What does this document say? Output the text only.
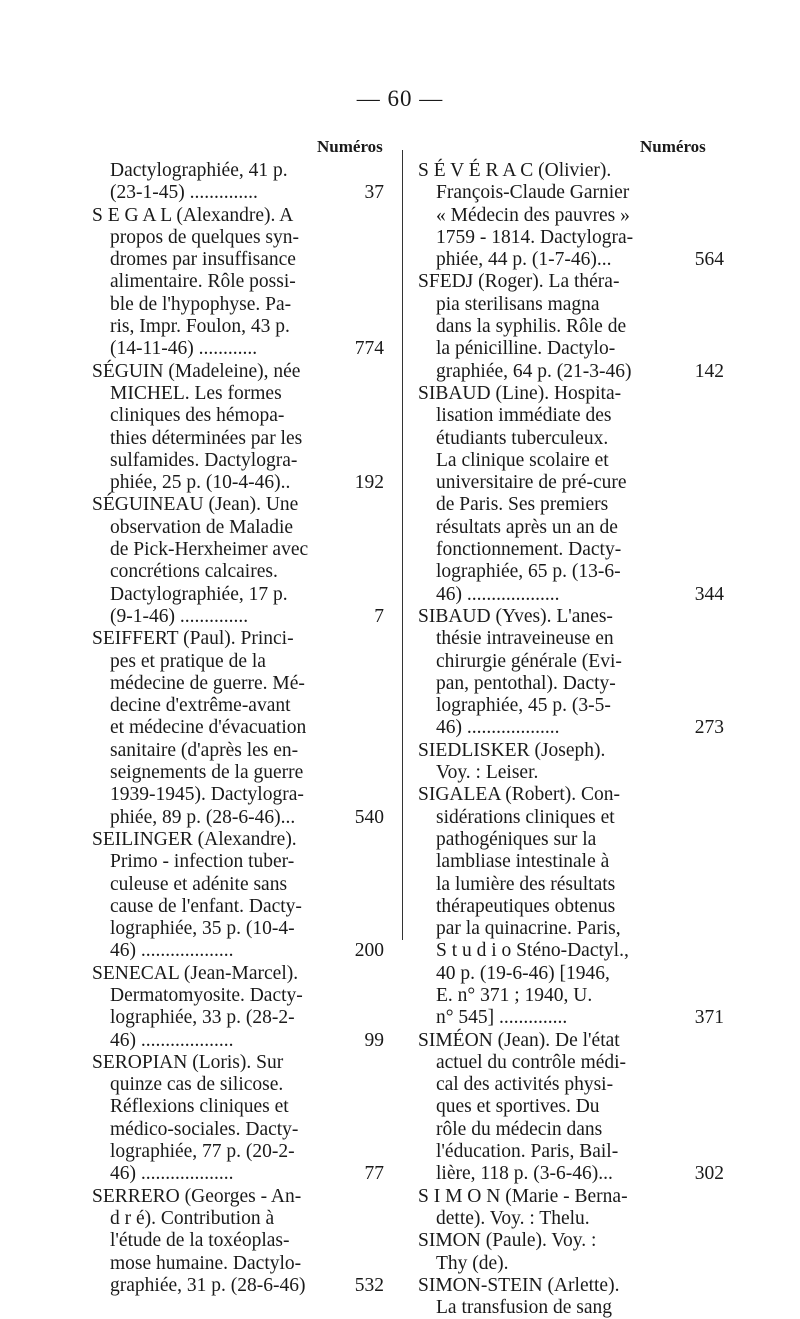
— 60 —
Numéros	Numéros
Dactylographiée, 41 p.
(23-1-45) ..............	37
S E G A L (Alexandre). A
propos de quelques syn-
dromes par insuffisance
alimentaire. Rôle possi-
ble de l'hypophyse. Pa-
ris, Impr. Foulon, 43 p.
(14-11-46) ............	774
SÉGUIN (Madeleine), née
MICHEL. Les formes
cliniques des hémopa-
thies déterminées par les
sulfamides. Dactylogra-
phiée, 25 p. (10-4-46)..	192
SÉGUINEAU (Jean). Une
observation de Maladie
de Pick-Herxheimer avec
concrétions calcaires.
Dactylographiée, 17 p.
(9-1-46) ..............	7
SEIFFERT (Paul). Princi-
pes et pratique de la
médecine de guerre. Mé-
decine d'extrême-avant
et médecine d'évacuation
sanitaire (d'après les en-
seignements de la guerre
1939-1945). Dactylogra-
phiée, 89 p. (28-6-46)...	540
SEILINGER (Alexandre).
Primo - infection tuber-
culeuse et adénite sans
cause de l'enfant. Dacty-
lographiée, 35 p. (10-4-
46) ...................	200
SENECAL (Jean-Marcel).
Dermatomyosite. Dacty-
lographiée, 33 p. (28-2-
46) ...................	99
SEROPIAN (Loris). Sur
quinze cas de silicose.
Réflexions cliniques et
médico-sociales. Dacty-
lographiée, 77 p. (20-2-
46) ...................	77
SERRERO (Georges - An-
d r é). Contribution à
l'étude de la toxéoplas-
mose humaine. Dactylo-
graphiée, 31 p. (28-6-46)	532
S É V É R A C (Olivier).
François-Claude Garnier
« Médecin des pauvres »
1759 - 1814. Dactylogra-
phiée, 44 p. (1-7-46)...	564
SFEDJ (Roger). La théra-
pia sterilisans magna
dans la syphilis. Rôle de
la pénicilline. Dactylo-
graphiée, 64 p. (21-3-46)	142
SIBAUD (Line). Hospita-
lisation immédiate des
étudiants tuberculeux.
La clinique scolaire et
universitaire de pré-cure
de Paris. Ses premiers
résultats après un an de
fonctionnement. Dacty-
lographiée, 65 p. (13-6-
46) ...................	344
SIBAUD (Yves). L'anes-
thésie intraveineuse en
chirurgie générale (Evi-
pan, pentothal). Dacty-
lographiée, 45 p. (3-5-
46) ...................	273
SIEDLISKER (Joseph).
Voy. : Leiser.
SIGALEA (Robert). Con-
sidérations cliniques et
pathogéniques sur la
lambliase intestinale à
la lumière des résultats
thérapeutiques obtenus
par la quinacrine. Paris,
S t u d i o Sténo-Dactyl.,
40 p. (19-6-46) [1946,
E. n° 371 ; 1940, U.
n° 545] ..............	371
SIMÉON (Jean). De l'état
actuel du contrôle médi-
cal des activités physi-
ques et sportives. Du
rôle du médecin dans
l'éducation. Paris, Bail-
lière, 118 p. (3-6-46)...	302
S I M O N (Marie - Berna-
dette). Voy. : Thelu.
SIMON (Paule). Voy. :
Thy (de).
SIMON-STEIN (Arlette).
La transfusion de sang
